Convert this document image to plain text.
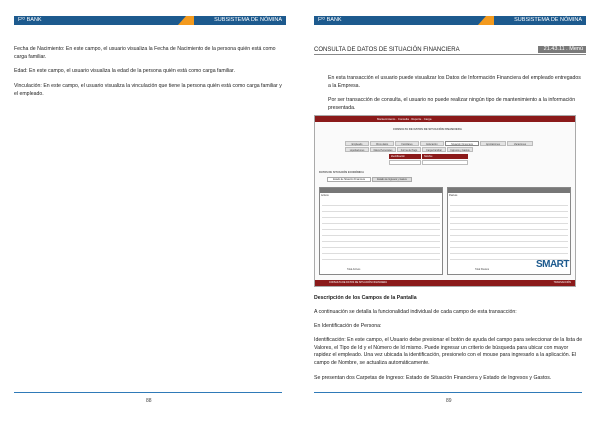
Fᴵᴼ BANK	SUBSISTEMA DE NÓMINA
Fecha de Nacimiento: En este campo, el usuario visualiza la Fecha de Nacimiento de la persona quién está como carga familiar.
Edad: En este campo, el usuario visualiza la edad de la persona quién está como carga familiar.
Vinculación: En este campo, el usuario visualiza la vinculación que tiene la persona quién está como carga familiar y el empleado.
88
Fᴵᴼ BANK	SUBSISTEMA DE NÓMINA
CONSULTA DE DATOS DE SITUACIÓN FINANCIERA	21.43.11 . Menú
En esta transacción el usuario puede visualizar los Datos de Información Financiera del empleado entregados a la Empresa.
Por ser transacción de consulta, el usuario no puede realizar ningún tipo de mantenimiento a la información presentada.
Mantenimiento · Consulta · Reporte · Carga
CONSULTA DE DATOS DE SITUACIÓN FINANCIERA
Empleado	Otros datos	Familiares	Educación	Situación Financiera	Aportaciones	Vacaciones
Liquidaciones	Datos Personales	Forma de Pago	Carga Familiar	Ingresos y Gastos
Identificación	Nombre
DATOS DE SITUACIÓN ECONÓMICA
Estado de Situación Financiera	Estado de Ingresos y Gastos
Activos	Pasivos
Total Activos	Total Pasivos	SMART
CONSULTA DE DATOS DE SITUACIÓN FINANCIERA	TRANSACCIÓN
Descripción de los Campos de la Pantalla
A continuación se detalla la funcionalidad individual de cada campo de esta transacción:
En Identificación de Persona:
Identificación: En este campo, el Usuario debe presionar el botón de ayuda del campo para seleccionar de la lista de Valores, el Tipo de Id y el Número de Id mismo. Puede ingresar un criterio de búsqueda para ubicar con mayor rapidez el empleado. Una vez ubicada la identificación, presionelo con el mouse para ingresarlo a la aplicación. El campo de Nombre, se actualiza automáticamente.
Se presentan dos Carpetas de Ingreso: Estado de Situación Financiera y Estado de Ingresos y Gastos.
89
